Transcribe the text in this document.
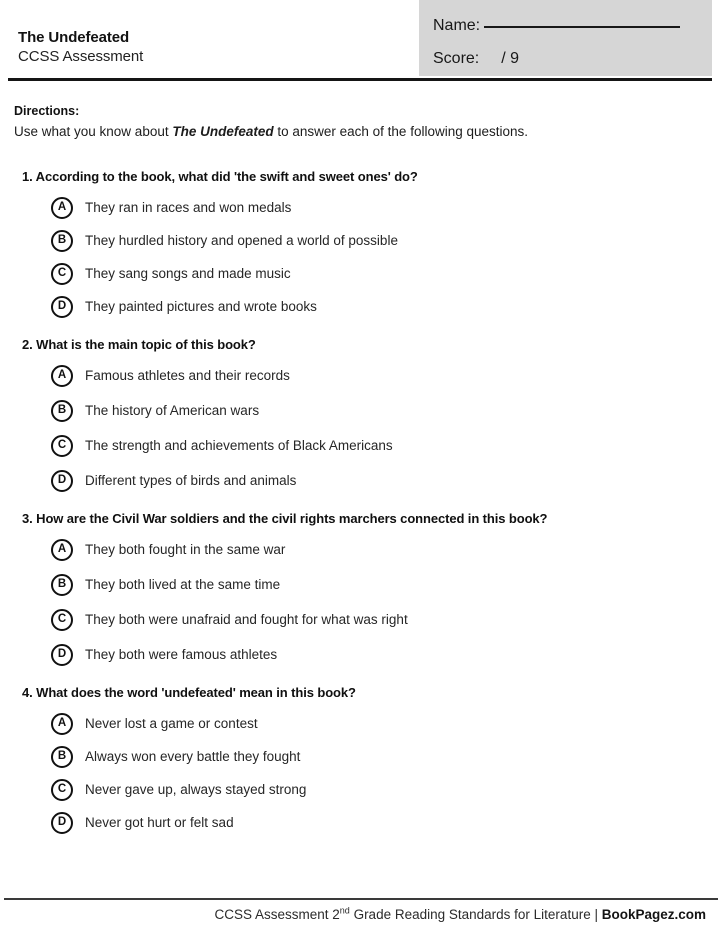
The Undefeated
CCSS Assessment
Name:
Score: / 9
Directions:
Use what you know about The Undefeated to answer each of the following questions.
1. According to the book, what did 'the swift and sweet ones' do?
A	They ran in races and won medals
B	They hurdled history and opened a world of possible
C	They sang songs and made music
D	They painted pictures and wrote books
2. What is the main topic of this book?
A	Famous athletes and their records
B	The history of American wars
C	The strength and achievements of Black Americans
D	Different types of birds and animals
3. How are the Civil War soldiers and the civil rights marchers connected in this book?
A	They both fought in the same war
B	They both lived at the same time
C	They both were unafraid and fought for what was right
D	They both were famous athletes
4. What does the word 'undefeated' mean in this book?
A	Never lost a game or contest
B	Always won every battle they fought
C	Never gave up, always stayed strong
D	Never got hurt or felt sad
CCSS Assessment 2nd Grade Reading Standards for Literature | BookPagez.com
